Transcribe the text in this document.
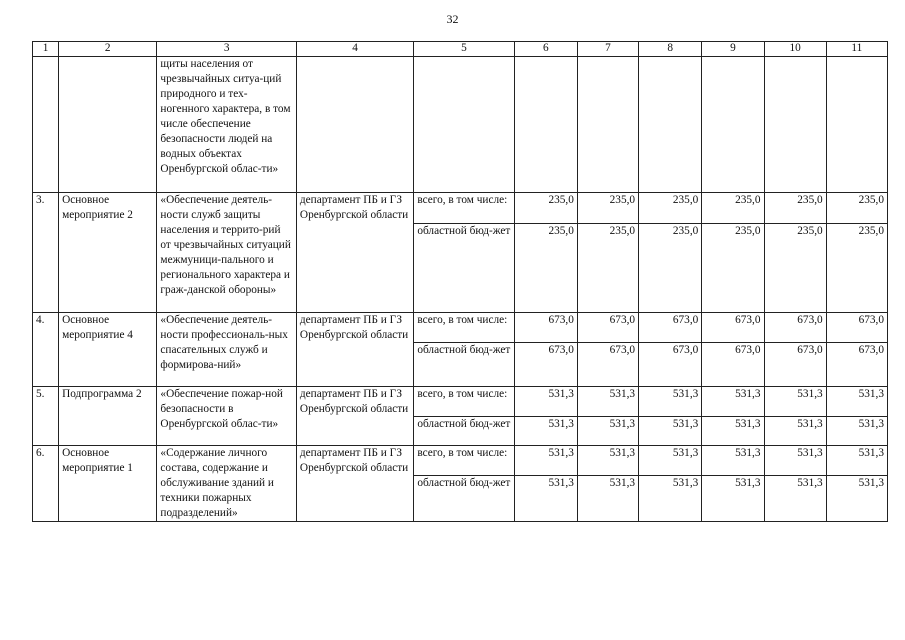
32
1	2	3	4	5	6	7	8	9	10	11
		щиты населения от чрезвычайных ситуа-ций природного и тех-ногенного характера, в том числе обеспечение безопасности людей на водных объектах Оренбургской облас-ти»								
3.	Основное мероприятие 2	«Обеспечение деятель-ности служб защиты населения и террито-рий от чрезвычайных ситуаций межмуници-пального и регионального характера и граж-данской обороны»	департамент ПБ и ГЗ Оренбургской области	всего, в том числе:	235,0	235,0	235,0	235,0	235,0	235,0
				областной бюд-жет	235,0	235,0	235,0	235,0	235,0	235,0
4.	Основное мероприятие 4	«Обеспечение деятель-ности профессиональ-ных спасательных служб и формирова-ний»	департамент ПБ и ГЗ Оренбургской области	всего, в том числе:	673,0	673,0	673,0	673,0	673,0	673,0
				областной бюд-жет	673,0	673,0	673,0	673,0	673,0	673,0
5.	Подпрограмма 2	«Обеспечение пожар-ной безопасности в Оренбургской облас-ти»	департамент ПБ и ГЗ Оренбургской области	всего, в том числе:	531,3	531,3	531,3	531,3	531,3	531,3
				областной бюд-жет	531,3	531,3	531,3	531,3	531,3	531,3
6.	Основное мероприятие 1	«Содержание личного состава, содержание и обслуживание зданий и техники пожарных подразделений»	департамент ПБ и ГЗ Оренбургской области	всего, в том числе:	531,3	531,3	531,3	531,3	531,3	531,3
				областной бюд-жет	531,3	531,3	531,3	531,3	531,3	531,3
